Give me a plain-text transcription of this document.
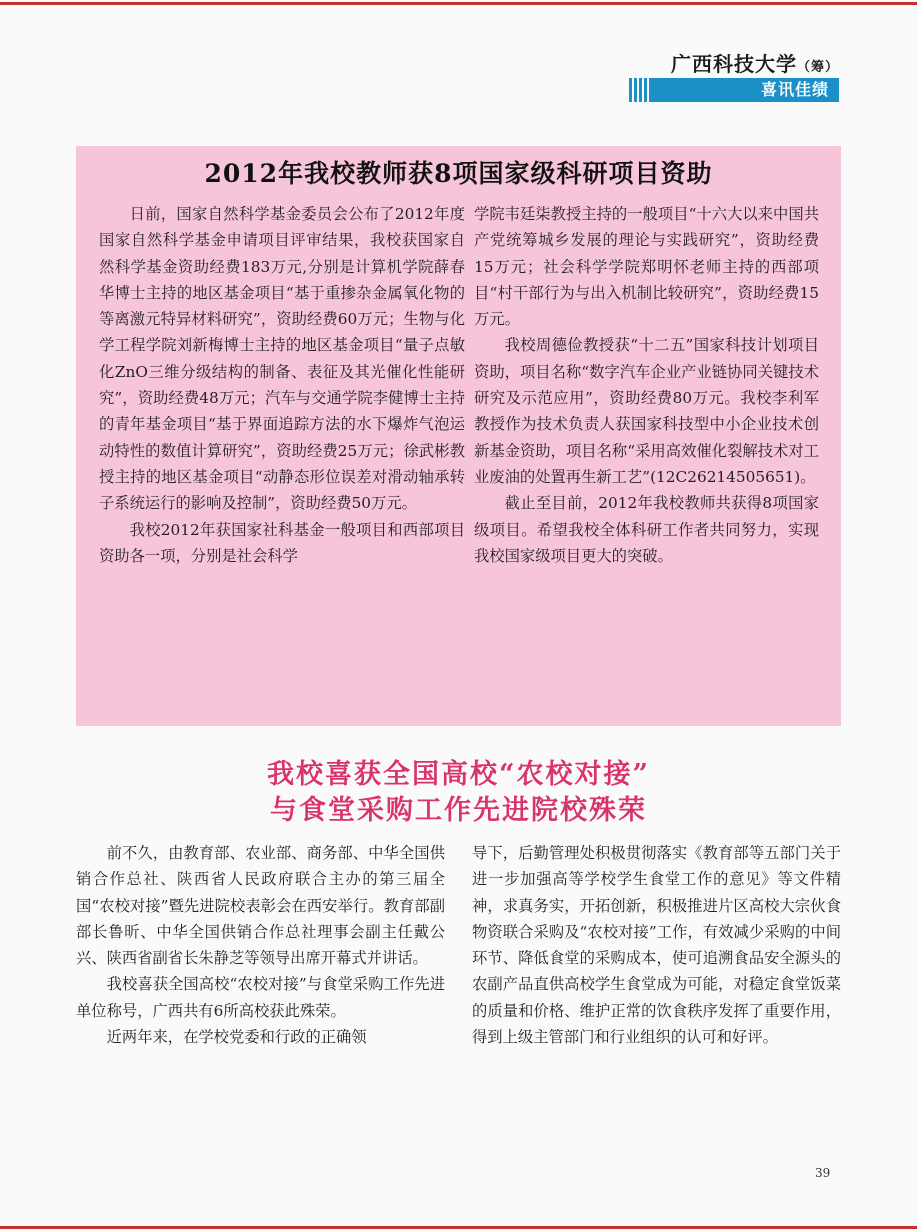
广西科技大学（筹）
喜讯佳绩
2012年我校教师获8项国家级科研项目资助

日前，国家自然科学基金委员会公布了2012年度国家自然科学基金申请项目评审结果，我校获国家自然科学基金资助经费183万元,分别是计算机学院薛春华博士主持的地区基金项目“基于重掺杂金属氧化物的等离激元特异材料研究”，资助经费60万元；生物与化学工程学院刘新梅博士主持的地区基金项目“量子点敏化ZnO三维分级结构的制备、表征及其光催化性能研究”，资助经费48万元；汽车与交通学院李健博士主持的青年基金项目“基于界面追踪方法的水下爆炸气泡运动特性的数值计算研究”，资助经费25万元；徐武彬教授主持的地区基金项目“动静态形位误差对滑动轴承转子系统运行的影响及控制”，资助经费50万元。

我校2012年获国家社科基金一般项目和西部项目资助各一项，分别是社会科学

学院韦廷柒教授主持的一般项目“十六大以来中国共产党统筹城乡发展的理论与实践研究”，资助经费15万元；社会科学学院郑明怀老师主持的西部项目“村干部行为与出入机制比较研究”，资助经费15万元。

我校周德俭教授获“十二五”国家科技计划项目资助，项目名称“数字汽车企业产业链协同关键技术研究及示范应用”，资助经费80万元。我校李利军教授作为技术负责人获国家科技型中小企业技术创新基金资助，项目名称“采用高效催化裂解技术对工业废油的处置再生新工艺”(12C26214505651)。

截止至目前，2012年我校教师共获得8项国家级项目。希望我校全体科研工作者共同努力，实现我校国家级项目更大的突破。

我校喜获全国高校“农校对接”
与食堂采购工作先进院校殊荣

前不久，由教育部、农业部、商务部、中华全国供销合作总社、陕西省人民政府联合主办的第三届全国“农校对接”暨先进院校表彰会在西安举行。教育部副部长鲁昕、中华全国供销合作总社理事会副主任戴公兴、陕西省副省长朱静芝等领导出席开幕式并讲话。

我校喜获全国高校“农校对接”与食堂采购工作先进单位称号，广西共有6所高校获此殊荣。

近两年来，在学校党委和行政的正确领

导下，后勤管理处积极贯彻落实《教育部等五部门关于进一步加强高等学校学生食堂工作的意见》等文件精神，求真务实，开拓创新，积极推进片区高校大宗伙食物资联合采购及“农校对接”工作，有效减少采购的中间环节、降低食堂的采购成本，使可追溯食品安全源头的农副产品直供高校学生食堂成为可能，对稳定食堂饭菜的质量和价格、维护正常的饮食秩序发挥了重要作用，得到上级主管部门和行业组织的认可和好评。

39
